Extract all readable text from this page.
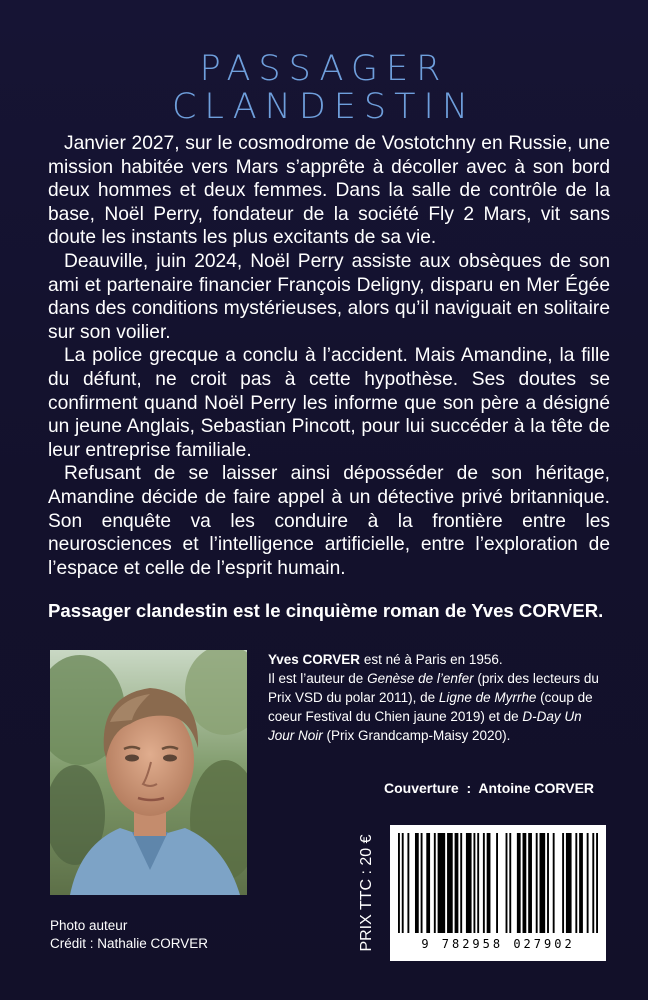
PASSAGER
CLANDESTIN

Janvier 2027, sur le cosmodrome de Vostotchny en Russie, une mission habitée vers Mars s’apprête à décoller avec à son bord deux hommes et deux femmes. Dans la salle de contrôle de la base, Noël Perry, fondateur de la société Fly 2 Mars, vit sans doute les instants les plus excitants de sa vie.

Deauville, juin 2024, Noël Perry assiste aux obsèques de son ami et partenaire financier François Deligny, disparu en Mer Égée dans des conditions mystérieuses, alors qu’il naviguait en solitaire sur son voilier.

La police grecque a conclu à l’accident. Mais Amandine, la fille du défunt, ne croit pas à cette hypothèse. Ses doutes se confirment quand Noël Perry les informe que son père a désigné un jeune Anglais, Sebastian Pincott, pour lui succéder à la tête de leur entreprise familiale.

Refusant de se laisser ainsi déposséder de son héritage, Amandine décide de faire appel à un détective privé britannique. Son enquête va les conduire à la frontière entre les neurosciences et l’intelligence artificielle, entre l’exploration de l’espace et celle de l’esprit humain.

Passager clandestin est le cinquième roman de Yves CORVER.
Photo auteur
Crédit : Nathalie CORVER

Yves CORVER est né à Paris en 1956.

Il est l’auteur de Genèse de l’enfer (prix des lecteurs du Prix VSD du polar 2011), de Ligne de Myrrhe (coup de coeur Festival du Chien jaune 2019) et de D-Day Un Jour Noir (Prix Grandcamp-Maisy 2020).

Couverture  :  Antoine CORVER
PRIX TTC : 20 €	9 782958 027902
